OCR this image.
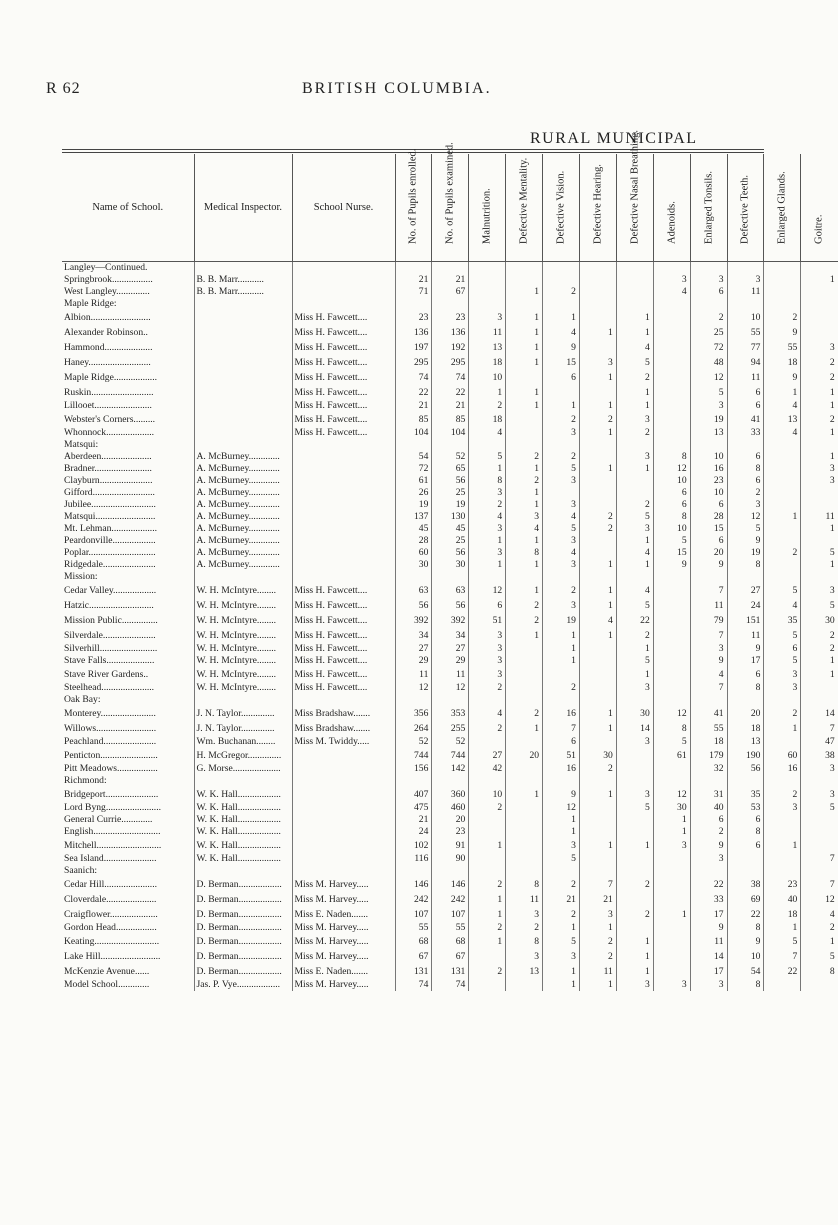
R 62	BRITISH COLUMBIA.
RURAL MUNICIPAL
Name of School.	Medical Inspector.	School Nurse.	No. of Pupils enrolled.	No. of Pupils examined.	Malnutrition.	Defective Mentality.	Defective Vision.	Defective Hearing.	Defective Nasal Breathing.	Adenoids.	Enlarged Tonsils.	Defective Teeth.	Enlarged Glands.	Goitre.

Langley—Continued.														
Springbrook.................	B. B. Marr...........		21	21						3	3	3		1
West Langley..............	B. B. Marr...........		71	67		1	2			4	6	11		
Maple Ridge:														
Albion.........................		Miss H. Fawcett....	23	23	3	1	1		1		2	10	2	
Alexander Robinson..		Miss H. Fawcett....	136	136	11	1	4	1	1		25	55	9	
Hammond....................		Miss H. Fawcett....	197	192	13	1	9		4		72	77	55	3
Haney..........................		Miss H. Fawcett....	295	295	18	1	15	3	5		48	94	18	2
Maple Ridge..................		Miss H. Fawcett....	74	74	10		6	1	2		12	11	9	2
Ruskin..........................		Miss H. Fawcett....	22	22	1	1			1		5	6	1	1
Lillooet........................		Miss H. Fawcett....	21	21	2	1	1	1	1		3	6	4	1
Webster's Corners.........		Miss H. Fawcett....	85	85	18		2	2	3		19	41	13	2
Whonnock....................		Miss H. Fawcett....	104	104	4		3	1	2		13	33	4	1
Matsqui:														
Aberdeen.....................	A. McBurney.............		54	52	5	2	2		3	8	10	6		1
Bradner........................	A. McBurney.............		72	65	1	1	5	1	1	12	16	8		3
Clayburn......................	A. McBurney.............		61	56	8	2	3			10	23	6		3
Gifford..........................	A. McBurney.............		26	25	3	1				6	10	2		
Jubilee...........................	A. McBurney.............		19	19	2	1	3		2	6	6	3		
Matsqui.........................	A. McBurney.............		137	130	4	3	4	2	5	8	28	12	1	11
Mt. Lehman...................	A. McBurney.............		45	45	3	4	5	2	3	10	15	5		1
Peardonville..................	A. McBurney.............		28	25	1	1	3		1	5	6	9		
Poplar............................	A. McBurney.............		60	56	3	8	4		4	15	20	19	2	5
Ridgedale......................	A. McBurney.............		30	30	1	1	3	1	1	9	9	8		1
Mission:														
Cedar Valley..................	W. H. McIntyre........	Miss H. Fawcett....	63	63	12	1	2	1	4		7	27	5	3
Hatzic...........................	W. H. McIntyre........	Miss H. Fawcett....	56	56	6	2	3	1	5		11	24	4	5
Mission Public...............	W. H. McIntyre........	Miss H. Fawcett....	392	392	51	2	19	4	22		79	151	35	30
Silverdale......................	W. H. McIntyre........	Miss H. Fawcett....	34	34	3	1	1	1	2		7	11	5	2
Silverhill........................	W. H. McIntyre........	Miss H. Fawcett....	27	27	3		1		1		3	9	6	2
Stave Falls....................	W. H. McIntyre........	Miss H. Fawcett....	29	29	3		1		5		9	17	5	1
Stave River Gardens..	W. H. McIntyre........	Miss H. Fawcett....	11	11	3				1		4	6	3	1
Steelhead......................	W. H. McIntyre........	Miss H. Fawcett....	12	12	2		2		3		7	8	3	
Oak Bay:														
Monterey.......................	J. N. Taylor..............	Miss Bradshaw.......	356	353	4	2	16	1	30	12	41	20	2	14
Willows.........................	J. N. Taylor..............	Miss Bradshaw.......	264	255	2	1	7	1	14	8	55	18	1	7
Peachland......................	Wm. Buchanan........	Miss M. Twiddy.....	52	52			6		3	5	18	13		47
Penticton........................	H. McGregor..............		744	744	27	20	51	30		61	179	190	60	38
Pitt Meadows.................	G. Morse....................		156	142	42		16	2			32	56	16	3
Richmond:														
Bridgeport......................	W. K. Hall..................		407	360	10	1	9	1	3	12	31	35	2	3
Lord Byng.......................	W. K. Hall..................		475	460	2		12		5	30	40	53	3	5
General Currie.............	W. K. Hall..................		21	20			1			1	6	6		
English............................	W. K. Hall..................		24	23			1			1	2	8		
Mitchell...........................	W. K. Hall..................		102	91	1		3	1	1	3	9	6	1	
Sea Island......................	W. K. Hall..................		116	90			5				3			7
Saanich:														
Cedar Hill......................	D. Berman..................	Miss M. Harvey.....	146	146	2	8	2	7	2		22	38	23	7
Cloverdale.....................	D. Berman..................	Miss M. Harvey.....	242	242	1	11	21	21			33	69	40	12
Craigflower....................	D. Berman..................	Miss E. Naden.......	107	107	1	3	2	3	2	1	17	22	18	4
Gordon Head.................	D. Berman..................	Miss M. Harvey.....	55	55	2	2	1	1			9	8	1	2
Keating...........................	D. Berman..................	Miss M. Harvey.....	68	68	1	8	5	2	1		11	9	5	1
Lake Hill.........................	D. Berman..................	Miss M. Harvey.....	67	67		3	3	2	1		14	10	7	5
McKenzie Avenue......	D. Berman..................	Miss E. Naden.......	131	131	2	13	1	11	1		17	54	22	8
Model School.............	Jas. P. Vye..................	Miss M. Harvey.....	74	74			1	1	3	3	3	8		
